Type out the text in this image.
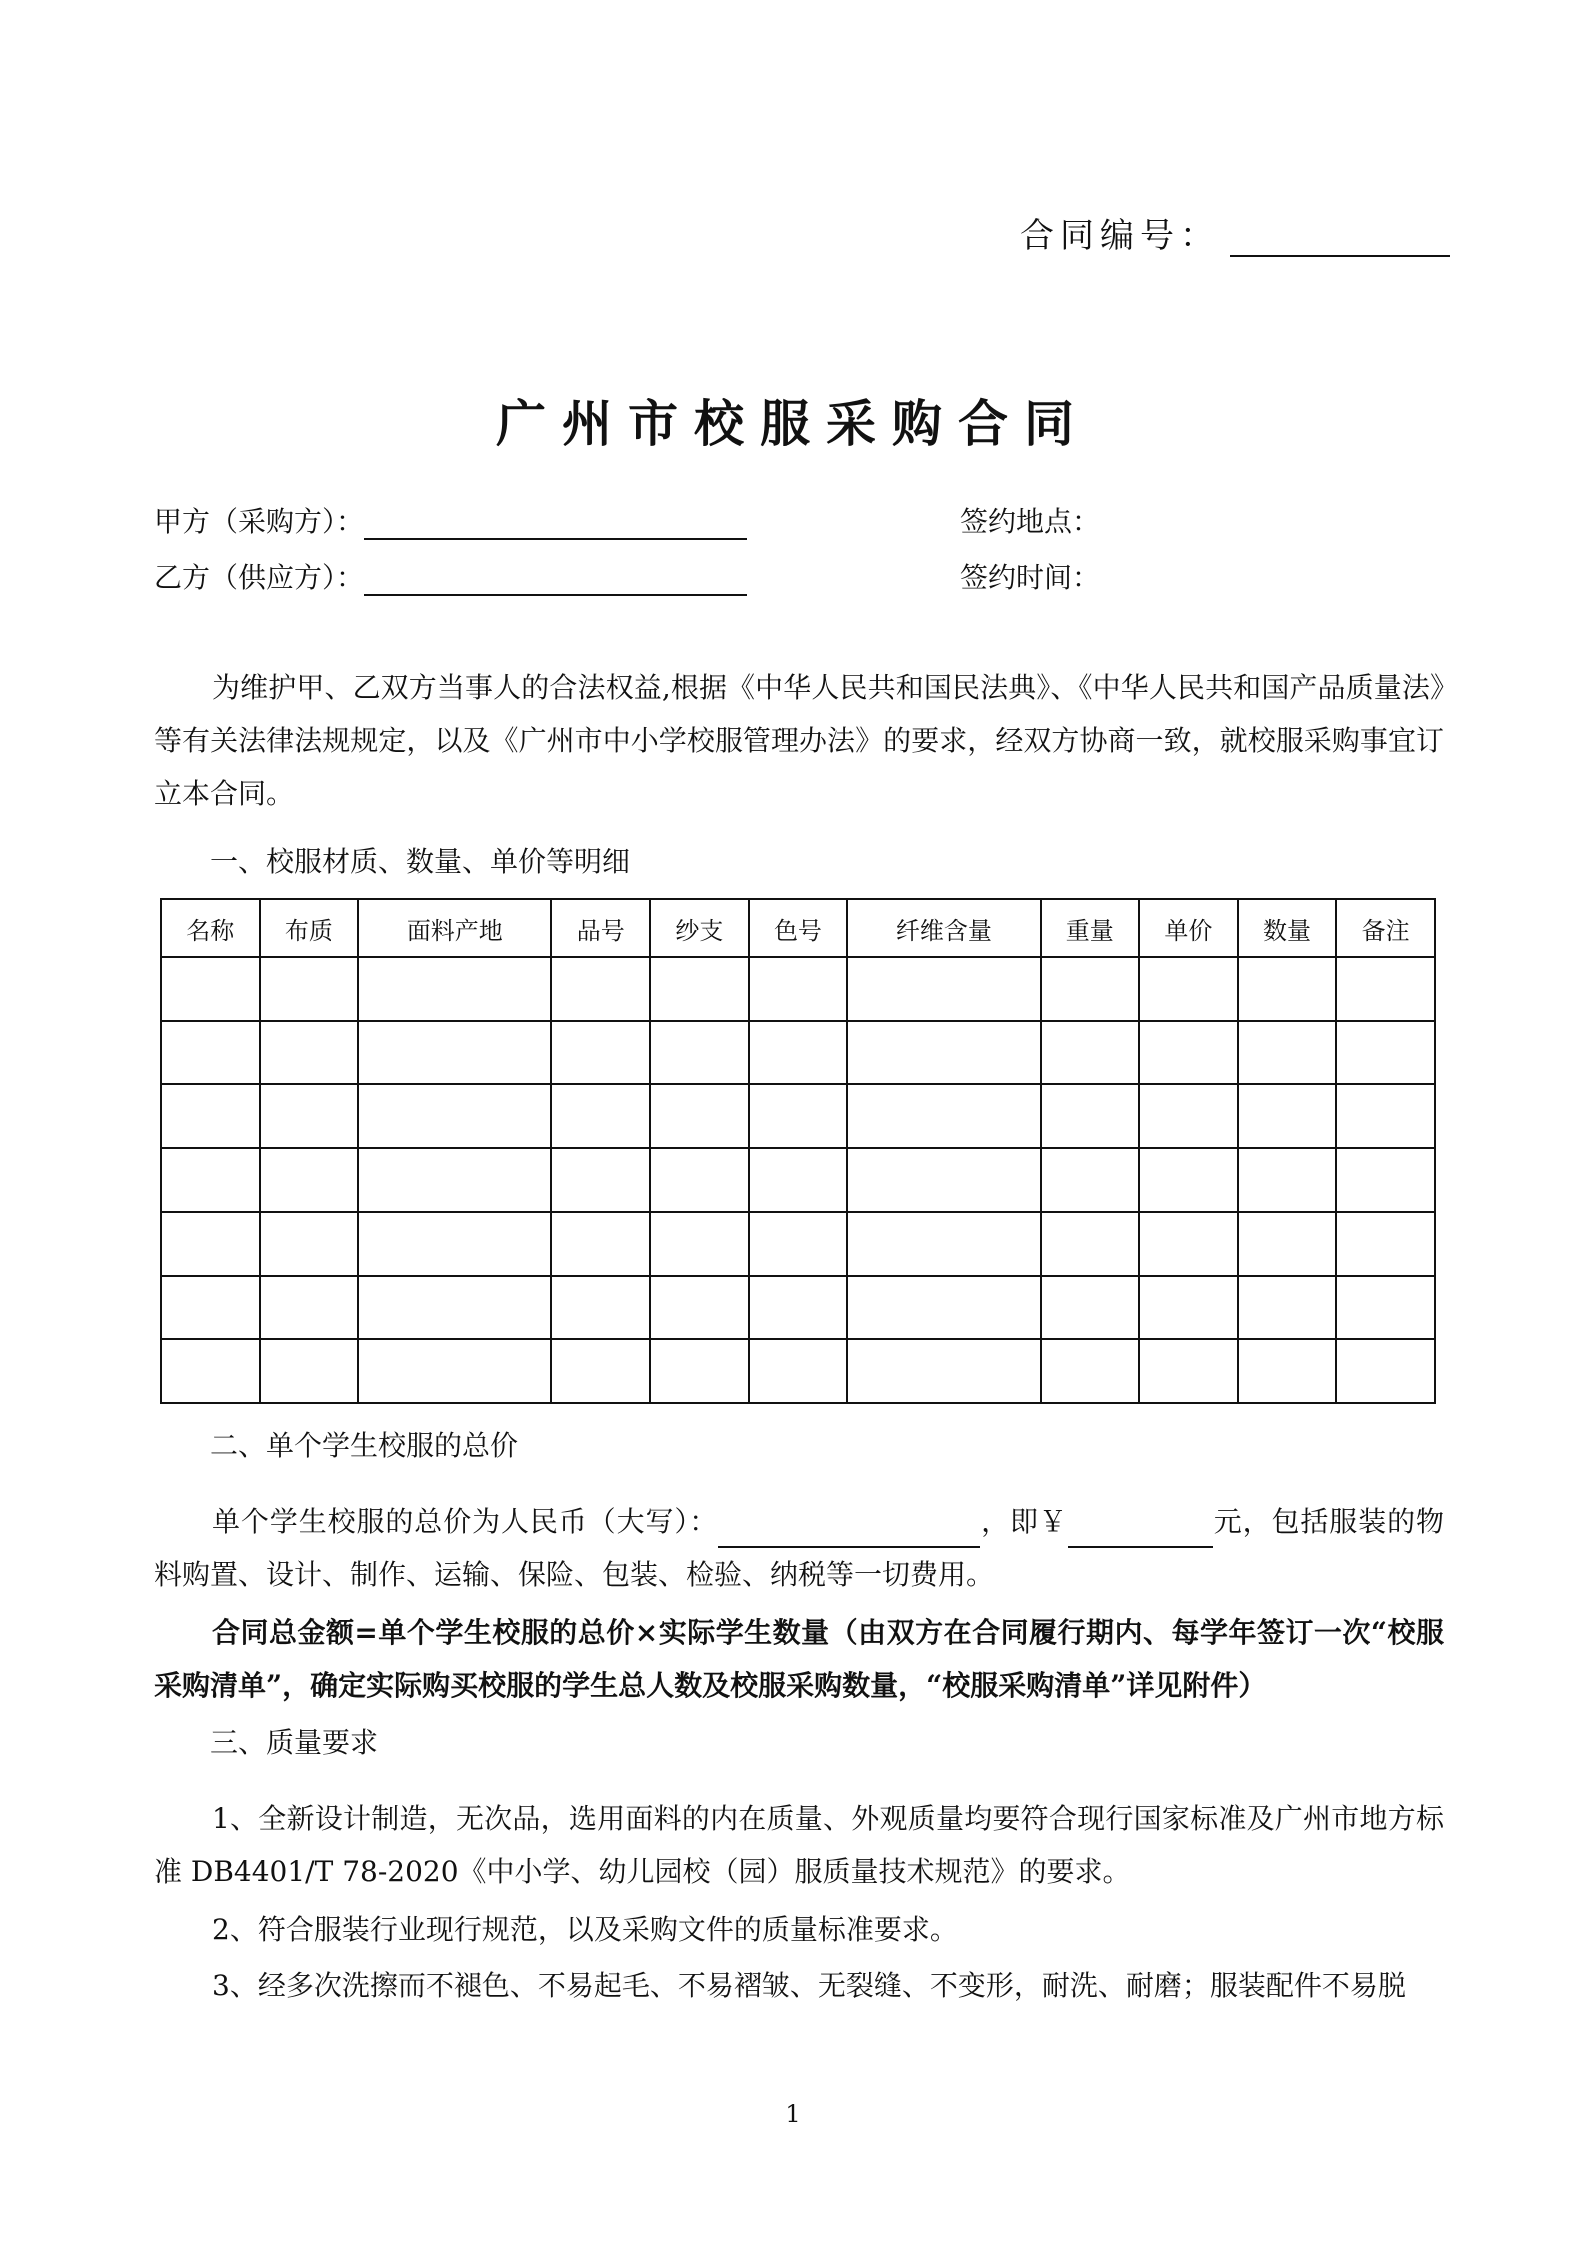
合同编号：
广州市校服采购合同
甲方（采购方）：
乙方（供应方）：
签约地点：
签约时间：
为维护甲、乙双方当事人的合法权益,根据《中华人民共和国民法典》、《中华人民共和国产品质量法》等有关法律法规规定，以及《广州市中小学校服管理办法》的要求，经双方协商一致，就校服采购事宜订立本合同。
一、校服材质、数量、单价等明细
名称	布质	面料产地	品号	纱支	色号	纤维含量	重量	单价	数量	备注

二、单个学生校服的总价
单个学生校服的总价为人民币（大写）：	，即￥	元，包括服装的物料购置、设计、制作、运输、保险、包装、检验、纳税等一切费用。
合同总金额=单个学生校服的总价×实际学生数量（由双方在合同履行期内、每学年签订一次“校服采购清单”，确定实际购买校服的学生总人数及校服采购数量，“校服采购清单”详见附件）
三、质量要求
1、全新设计制造，无次品，选用面料的内在质量、外观质量均要符合现行国家标准及广州市地方标准 DB4401/T 78-2020《中小学、幼儿园校（园）服质量技术规范》的要求。
2、符合服装行业现行规范，以及采购文件的质量标准要求。
3、经多次洗擦而不褪色、不易起毛、不易褶皱、无裂缝、不变形，耐洗、耐磨；服装配件不易脱
1
